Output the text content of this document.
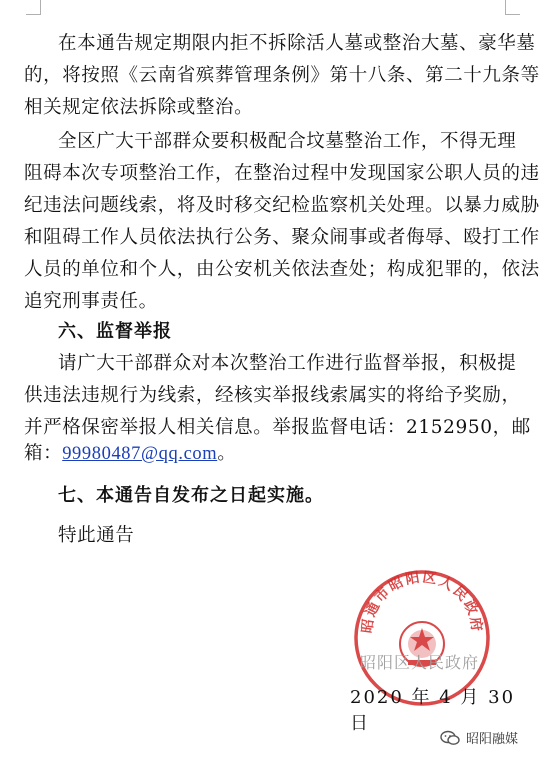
在本通告规定期限内拒不拆除活人墓或整治大墓、豪华墓
的，将按照《云南省殡葬管理条例》第十八条、第二十九条等
相关规定依法拆除或整治。
全区广大干部群众要积极配合坟墓整治工作，不得无理
阻碍本次专项整治工作，在整治过程中发现国家公职人员的违
纪违法问题线索，将及时移交纪检监察机关处理。以暴力威胁
和阻碍工作人员依法执行公务、聚众闹事或者侮辱、殴打工作
人员的单位和个人，由公安机关依法查处；构成犯罪的，依法
追究刑事责任。
六、监督举报
请广大干部群众对本次整治工作进行监督举报，积极提
供违法违规行为线索，经核实举报线索属实的将给予奖励，
并严格保密举报人相关信息。举报监督电话：2152950，邮
箱：99980487@qq.com。
七、本通告自发布之日起实施。
特此通告
昭通市昭阳区人民政府
昭阳区人民政府
2020 年 4 月 30 日
昭阳融媒
